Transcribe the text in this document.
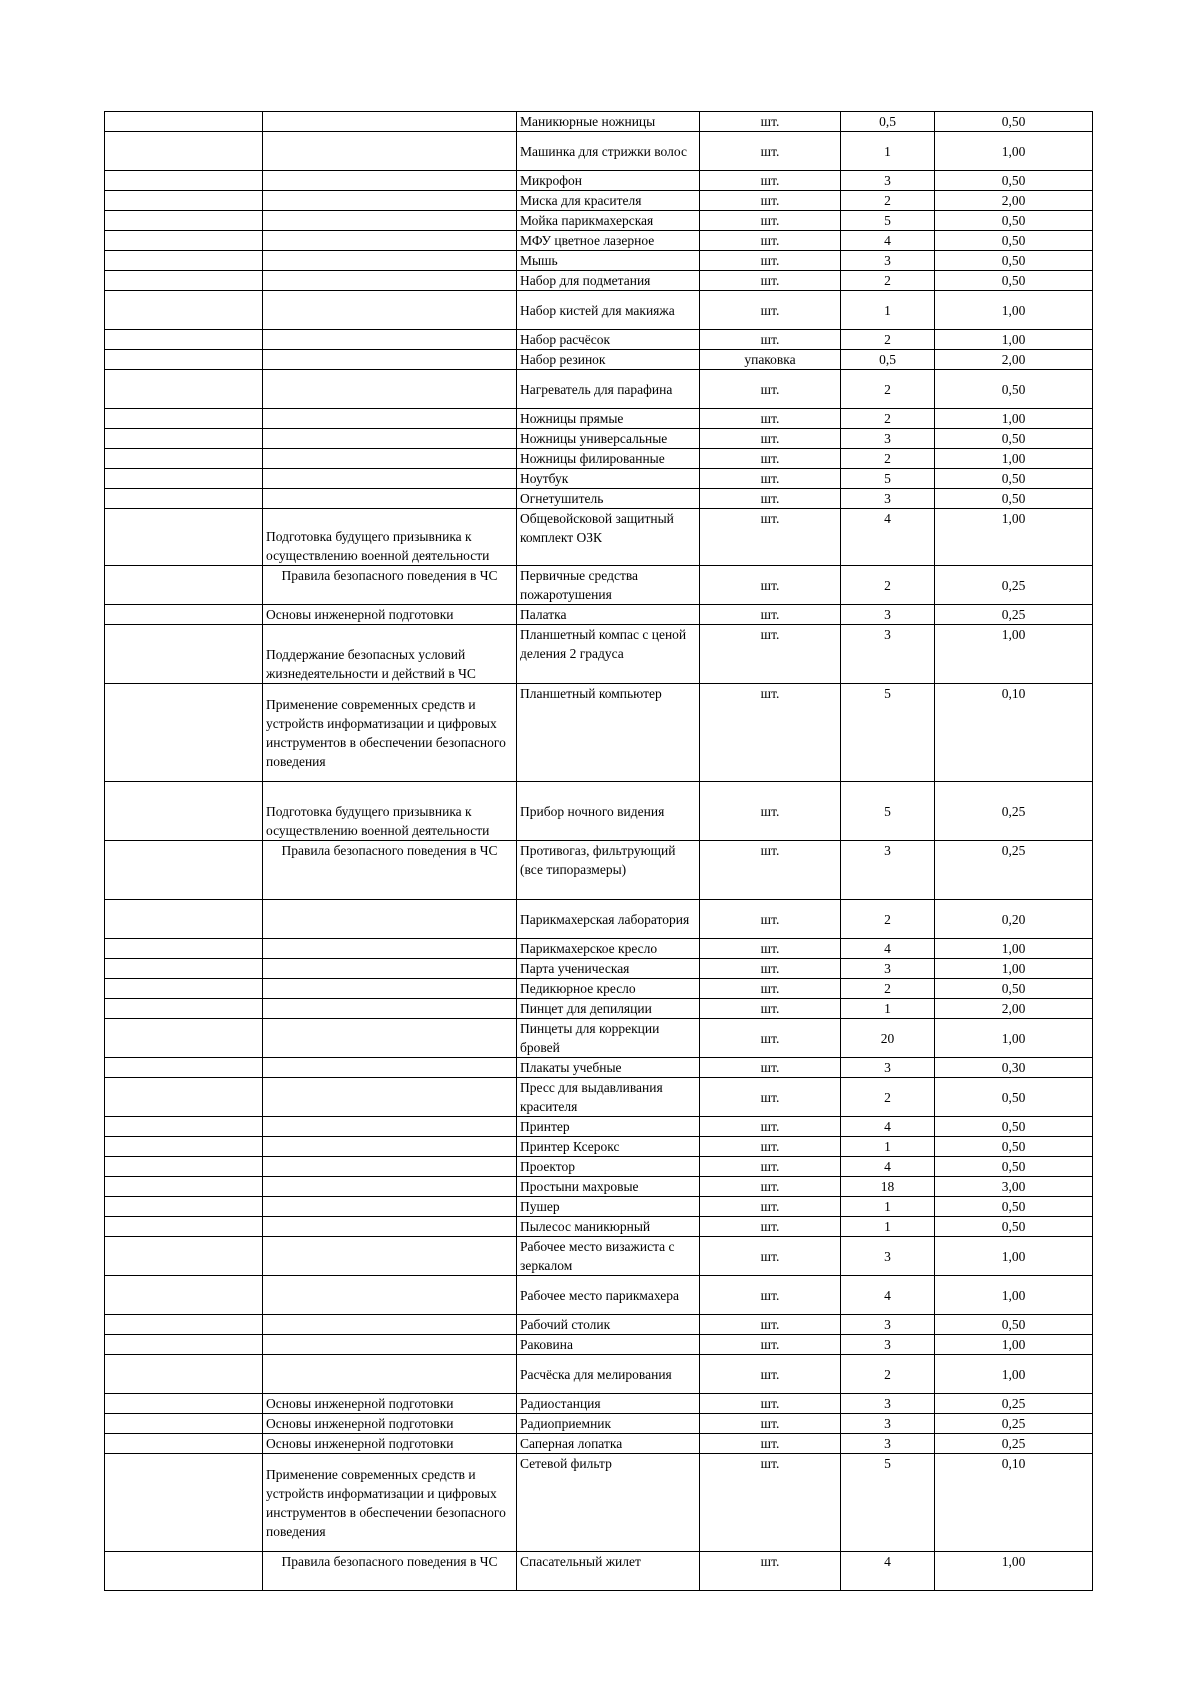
		Маникюрные ножницы	шт.	0,5	0,50
		Машинка для стрижки волос	шт.	1	1,00
		Микрофон	шт.	3	0,50
		Миска для красителя	шт.	2	2,00
		Мойка парикмахерская	шт.	5	0,50
		МФУ цветное лазерное	шт.	4	0,50
		Мышь	шт.	3	0,50
		Набор для подметания	шт.	2	0,50
		Набор кистей для макияжа	шт.	1	1,00
		Набор расчёсок	шт.	2	1,00
		Набор резинок	упаковка	0,5	2,00
		Нагреватель для парафина	шт.	2	0,50
		Ножницы прямые	шт.	2	1,00
		Ножницы универсальные	шт.	3	0,50
		Ножницы филированные	шт.	2	1,00
		Ноутбук	шт.	5	0,50
		Огнетушитель	шт.	3	0,50
	Подготовка будущего призывника к осуществлению военной деятельности	Общевойсковой защитный комплект ОЗК	шт.	4	1,00
	Правила безопасного поведения в ЧС	Первичные средства пожаротушения	шт.	2	0,25
	Основы инженерной подготовки	Палатка	шт.	3	0,25
	Поддержание безопасных условий жизнедеятельности и действий в ЧС	Планшетный компас с ценой деления 2 градуса	шт.	3	1,00
	Применение современных средств и устройств информатизации и цифровых инструментов в обеспечении безопасного поведения	Планшетный компьютер	шт.	5	0,10
	Подготовка будущего призывника к осуществлению военной деятельности	Прибор ночного видения	шт.	5	0,25
	Правила безопасного поведения в ЧС	Противогаз, фильтрующий (все типоразмеры)	шт.	3	0,25
		Парикмахерская лаборатория	шт.	2	0,20
		Парикмахерское кресло	шт.	4	1,00
		Парта ученическая	шт.	3	1,00
		Педикюрное кресло	шт.	2	0,50
		Пинцет для депиляции	шт.	1	2,00
		Пинцеты для коррекции бровей	шт.	20	1,00
		Плакаты учебные	шт.	3	0,30
		Пресс для выдавливания красителя	шт.	2	0,50
		Принтер	шт.	4	0,50
		Принтер Ксерокс	шт.	1	0,50
		Проектор	шт.	4	0,50
		Простыни махровые	шт.	18	3,00
		Пушер	шт.	1	0,50
		Пылесос маникюрный	шт.	1	0,50
		Рабочее место визажиста с зеркалом	шт.	3	1,00
		Рабочее место парикмахера	шт.	4	1,00
		Рабочий столик	шт.	3	0,50
		Раковина	шт.	3	1,00
		Расчёска для мелирования	шт.	2	1,00
	Основы инженерной подготовки	Радиостанция	шт.	3	0,25
	Основы инженерной подготовки	Радиоприемник	шт.	3	0,25
	Основы инженерной подготовки	Саперная лопатка	шт.	3	0,25
	Применение современных средств и устройств информатизации и цифровых инструментов в обеспечении безопасного поведения	Сетевой фильтр	шт.	5	0,10
	Правила безопасного поведения в ЧС	Спасательный жилет	шт.	4	1,00
